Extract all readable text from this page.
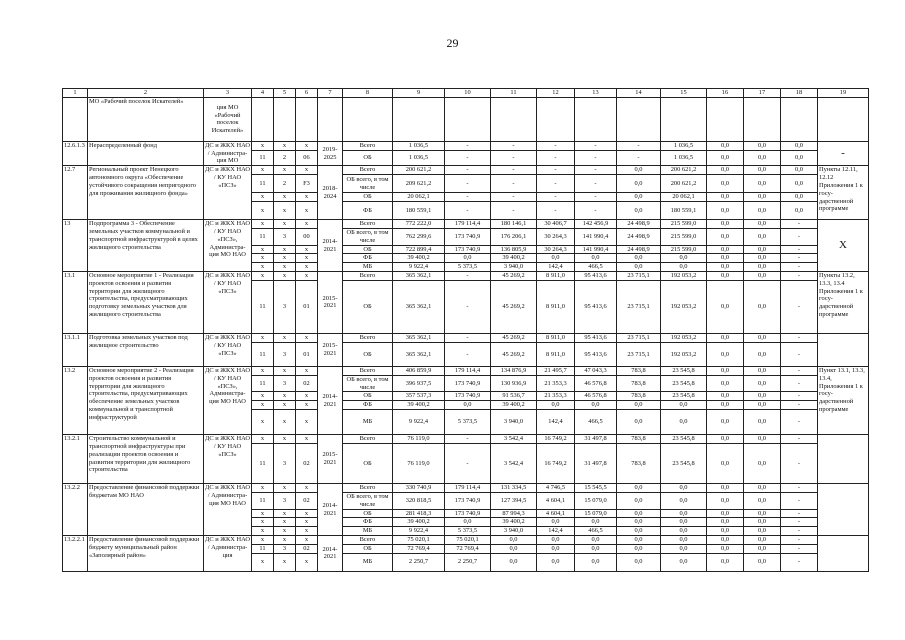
29
1	2	3	4	5	6	7	8	9	10	11	12	13	14	15	16	17	18	19
	МО «Рабочий поселок Искателей»	ция МО «Рабочий поселок Искателей»																
12.6.1.3	Нераспределенный фонд	ДС и ЖКХ НАО / Администра-ция МО	x	x	x	2019-2025	Всего	1 036,5	-	-	-	-	-	1 036,5	0,0	0,0	0,0	-
			11	2	06		ОБ	1 036,5	-	-	-	-	-	1 036,5	0,0	0,0	0,0	
12.7	Региональный проект Ненецкого автономного округа «Обеспечение устойчивого сокращения непригодного для проживания жилищного фонда»	ДС и ЖКХ НАО / КУ НАО «ПСЗ»	x	x	x	2018-2024	Всего	200 621,2	-	-	-	-	0,0	200 621,2	0,0	0,0	0,0	Пункты 12.11, 12.12 Приложения 1 к госу-дарственной программе
			11	2	F3		ОБ всего, в том числе	209 621,2	-	-	-	-	0,0	200 621,2	0,0	0,0	0,0	
			x	x	x		ОБ	20 062,1	-	-	-	-	0,0	20 062,1	0,0	0,0	0,0	
			x	x	x		ФБ	180 559,1	-	-	-	-	0,0	180 559,1	0,0	0,0	0,0	
13	Подпрограмма 3 - Обеспечение земельных участков коммунальной и транспортной инфраструктурой в целях жилищного строительства	ДС и ЖКХ НАО / КУ НАО «ПСЗ», Администра-ция МО НАО	x	x	x	2014-2021	Всего	772 222,0	179 114,4	180 146,1	30 406,7	142 456,9	24 498,9	215 599,0	0,0	0,0	-	X
			11	3	00		ОБ всего, в том числе	762 299,6	173 740,9	176 206,1	30 264,3	141 990,4	24 498,9	215 599,0	0,0	0,0	-	
			x	x	x		ОБ	722 899,4	173 740,9	136 805,9	30 264,3	141 990,4	24 498,9	215 599,0	0,0	0,0	-	
			x	x	x		ФБ	39 400,2	0,0	39 400,2	0,0	0,0	0,0	0,0	0,0	0,0	-	
			x	x	x		МБ	9 922,4	5 373,5	3 940,0	142,4	466,5	0,0	0,0	0,0	0,0	-	
13.1	Основное мероприятие 1 - Реализация проектов освоения и развития территории для жилищного строительства, предусматривающих подготовку земельных участков для жилищного строительства	ДС и ЖКХ НАО / КУ НАО «ПСЗ»	x	x	x	2015-2021	Всего	365 362,1	-	45 269,2	8 911,0	95 413,6	23 715,1	192 053,2	0,0	0,0	-	Пункты 13.2, 13.3, 13.4 Приложения 1 к госу-дарственной программе
			11	3	01		ОБ	365 362,1	-	45 269,2	8 911,0	95 413,6	23 715,1	192 053,2	0,0	0,0	-	
13.1.1	Подготовка земельных участков под жилищное строительство	ДС и ЖКХ НАО / КУ НАО «ПСЗ»	x	x	x	2015-2021	Всего	365 362,1	-	45 269,2	8 911,0	95 413,6	23 715,1	192 053,2	0,0	0,0	-	
			11	3	01		ОБ	365 362,1	-	45 269,2	8 911,0	95 413,6	23 715,1	192 053,2	0,0	0,0	-	
13.2	Основное мероприятие 2 - Реализация проектов освоения и развития территории для жилищного строительства, предусматривающих обеспечение земельных участков коммунальной и транспортной инфраструктурой	ДС и ЖКХ НАО / КУ НАО «ПСЗ», Администра-ция МО НАО	x	x	x	2014-2021	Всего	406 859,9	179 114,4	134 876,9	21 495,7	47 043,3	783,8	23 545,8	0,0	0,0	-	Пункт 13.1, 13.3, 13.4, Приложения 1 к госу-дарственной программе
			11	3	02		ОБ всего, в том числе	396 937,5	173 740,9	130 936,9	21 353,3	46 576,8	783,8	23 545,8	0,0	0,0	-	
			x	x	x		ОБ	357 537,3	173 740,9	91 536,7	21 353,3	46 576,8	783,8	23 545,8	0,0	0,0	-	
			x	x	x		ФБ	39 400,2	0,0	39 400,2	0,0	0,0	0,0	0,0	0,0	0,0	-	
			x	x	x		МБ	9 922,4	5 373,5	3 940,0	142,4	466,5	0,0	0,0	0,0	0,0	-	
13.2.1	Строительство коммунальной и транспортной инфраструктуры при реализации проектов освоения и развития территории для жилищного строительства	ДС и ЖКХ НАО / КУ НАО «ПСЗ»	x	x	x	2015-2021	Всего	76 119,0	-	3 542,4	16 749,2	31 497,8	783,8	23 545,8	0,0	0,0	-	
			11	3	02		ОБ	76 119,0	-	3 542,4	16 749,2	31 497,8	783,8	23 545,8	0,0	0,0	-	
13.2.2	Предоставление финансовой поддержки бюджетам МО НАО	ДС и ЖКХ НАО / Администра-ция МО НАО	x	x	x	2014-2021	Всего	330 740,9	179 114,4	131 334,5	4 746,5	15 545,5	0,0	0,0	0,0	0,0	-	
			11	3	02		ОБ всего, в том числе	320 818,5	173 740,9	127 394,5	4 604,1	15 079,0	0,0	0,0	0,0	0,0	-	
			x	x	x		ОБ	281 418,3	173 740,9	87 994,3	4 604,1	15 079,0	0,0	0,0	0,0	0,0	-	
			x	x	x		ФБ	39 400,2	0,0	39 400,2	0,0	0,0	0,0	0,0	0,0	0,0	-	
			x	x	x		МБ	9 922,4	5 373,5	3 940,0	142,4	466,5	0,0	0,0	0,0	0,0	-	
13.2.2.1	Предоставление финансовой поддержки бюджету муниципальный район «Заполярный район»	ДС и ЖКХ НАО / Администра-ция	x	x	x	2014-2021	Всего	75 020,1	75 020,1	0,0	0,0	0,0	0,0	0,0	0,0	0,0	-	
			11	3	02		ОБ	72 769,4	72 769,4	0,0	0,0	0,0	0,0	0,0	0,0	0,0	-	
			x	x	x		МБ	2 250,7	2 250,7	0,0	0,0	0,0	0,0	0,0	0,0	0,0	-	
